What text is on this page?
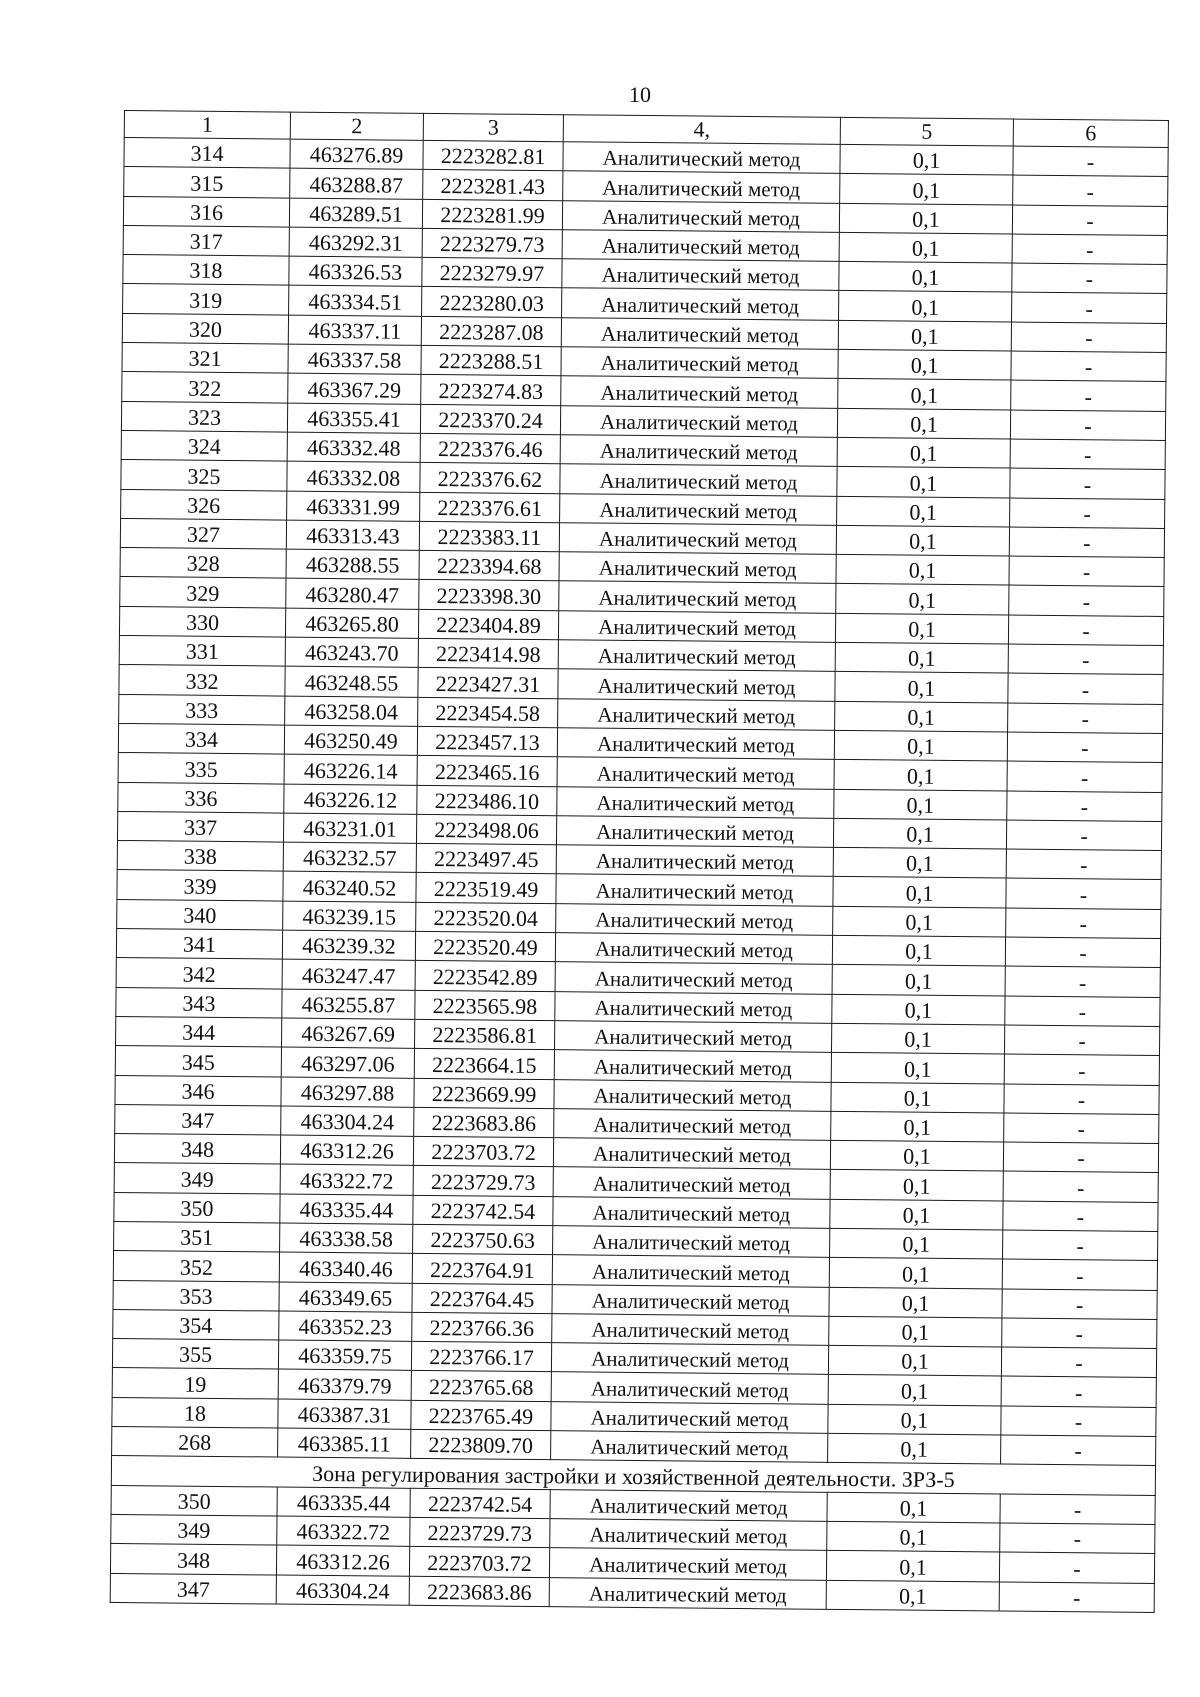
10
1	2	3	4,	5	6
314	463276.89	2223282.81	Аналитический метод	0,1	-
315	463288.87	2223281.43	Аналитический метод	0,1	-
316	463289.51	2223281.99	Аналитический метод	0,1	-
317	463292.31	2223279.73	Аналитический метод	0,1	-
318	463326.53	2223279.97	Аналитический метод	0,1	-
319	463334.51	2223280.03	Аналитический метод	0,1	-
320	463337.11	2223287.08	Аналитический метод	0,1	-
321	463337.58	2223288.51	Аналитический метод	0,1	-
322	463367.29	2223274.83	Аналитический метод	0,1	-
323	463355.41	2223370.24	Аналитический метод	0,1	-
324	463332.48	2223376.46	Аналитический метод	0,1	-
325	463332.08	2223376.62	Аналитический метод	0,1	-
326	463331.99	2223376.61	Аналитический метод	0,1	-
327	463313.43	2223383.11	Аналитический метод	0,1	-
328	463288.55	2223394.68	Аналитический метод	0,1	-
329	463280.47	2223398.30	Аналитический метод	0,1	-
330	463265.80	2223404.89	Аналитический метод	0,1	-
331	463243.70	2223414.98	Аналитический метод	0,1	-
332	463248.55	2223427.31	Аналитический метод	0,1	-
333	463258.04	2223454.58	Аналитический метод	0,1	-
334	463250.49	2223457.13	Аналитический метод	0,1	-
335	463226.14	2223465.16	Аналитический метод	0,1	-
336	463226.12	2223486.10	Аналитический метод	0,1	-
337	463231.01	2223498.06	Аналитический метод	0,1	-
338	463232.57	2223497.45	Аналитический метод	0,1	-
339	463240.52	2223519.49	Аналитический метод	0,1	-
340	463239.15	2223520.04	Аналитический метод	0,1	-
341	463239.32	2223520.49	Аналитический метод	0,1	-
342	463247.47	2223542.89	Аналитический метод	0,1	-
343	463255.87	2223565.98	Аналитический метод	0,1	-
344	463267.69	2223586.81	Аналитический метод	0,1	-
345	463297.06	2223664.15	Аналитический метод	0,1	-
346	463297.88	2223669.99	Аналитический метод	0,1	-
347	463304.24	2223683.86	Аналитический метод	0,1	-
348	463312.26	2223703.72	Аналитический метод	0,1	-
349	463322.72	2223729.73	Аналитический метод	0,1	-
350	463335.44	2223742.54	Аналитический метод	0,1	-
351	463338.58	2223750.63	Аналитический метод	0,1	-
352	463340.46	2223764.91	Аналитический метод	0,1	-
353	463349.65	2223764.45	Аналитический метод	0,1	-
354	463352.23	2223766.36	Аналитический метод	0,1	-
355	463359.75	2223766.17	Аналитический метод	0,1	-
19	463379.79	2223765.68	Аналитический метод	0,1	-
18	463387.31	2223765.49	Аналитический метод	0,1	-
268	463385.11	2223809.70	Аналитический метод	0,1	-
Зона регулирования застройки и хозяйственной деятельности. ЗРЗ-5					
350	463335.44	2223742.54	Аналитический метод	0,1	-
349	463322.72	2223729.73	Аналитический метод	0,1	-
348	463312.26	2223703.72	Аналитический метод	0,1	-
347	463304.24	2223683.86	Аналитический метод	0,1	-
